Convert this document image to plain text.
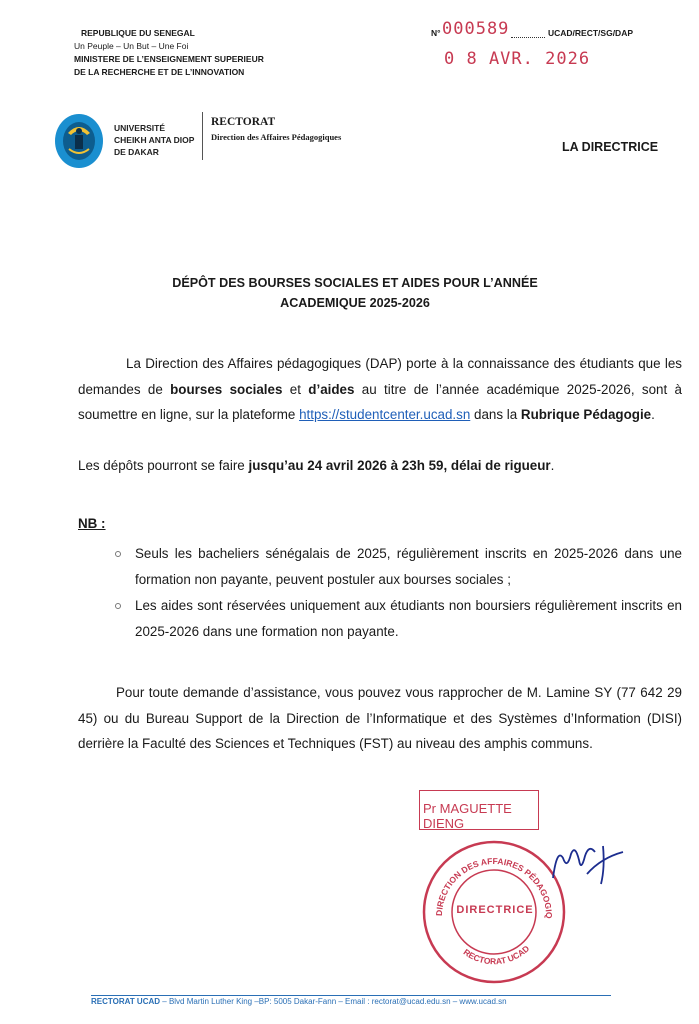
REPUBLIQUE DU SENEGAL
Un Peuple – Un But – Une Foi
MINISTERE DE L’ENSEIGNEMENT SUPERIEUR
DE LA RECHERCHE ET DE L’INNOVATION
N° 000589	UCAD/RECT/SG/DAP
0 8 AVR. 2026
UNIVERSITÉ
CHEIKH ANTA DIOP
DE DAKAR
RECTORAT
Direction des Affaires Pédagogiques
LA DIRECTRICE
DÉPÔT DES BOURSES SOCIALES ET AIDES POUR L’ANNÉE
ACADEMIQUE 2025-2026
La Direction des Affaires pédagogiques (DAP) porte à la connaissance des étudiants que les demandes de bourses sociales et d’aides au titre de l’année académique 2025-2026, sont à soumettre en ligne, sur la plateforme https://studentcenter.ucad.sn dans la Rubrique Pédagogie.
Les dépôts pourront se faire jusqu’au 24 avril 2026 à 23h 59, délai de rigueur.
NB :
Seuls les bacheliers sénégalais de 2025, régulièrement inscrits en 2025-2026 dans une formation non payante, peuvent postuler aux bourses sociales ;
Les aides sont réservées uniquement aux étudiants non boursiers régulièrement inscrits en 2025-2026 dans une formation non payante.
Pour toute demande d’assistance, vous pouvez vous rapprocher de M. Lamine SY (77 642 29 45) ou du Bureau Support de la Direction de l’Informatique et des Systèmes d’Information (DISI) derrière la Faculté des Sciences et Techniques (FST) au niveau des amphis communs.
Pr MAGUETTE DIENG
DIRECTION DES AFFAIRES PÉDAGOGIQ
RECTORAT UCAD
DIRECTRICE
RECTORAT UCAD – Blvd Martin Luther King –BP: 5005 Dakar-Fann – Email : rectorat@ucad.edu.sn – www.ucad.sn
